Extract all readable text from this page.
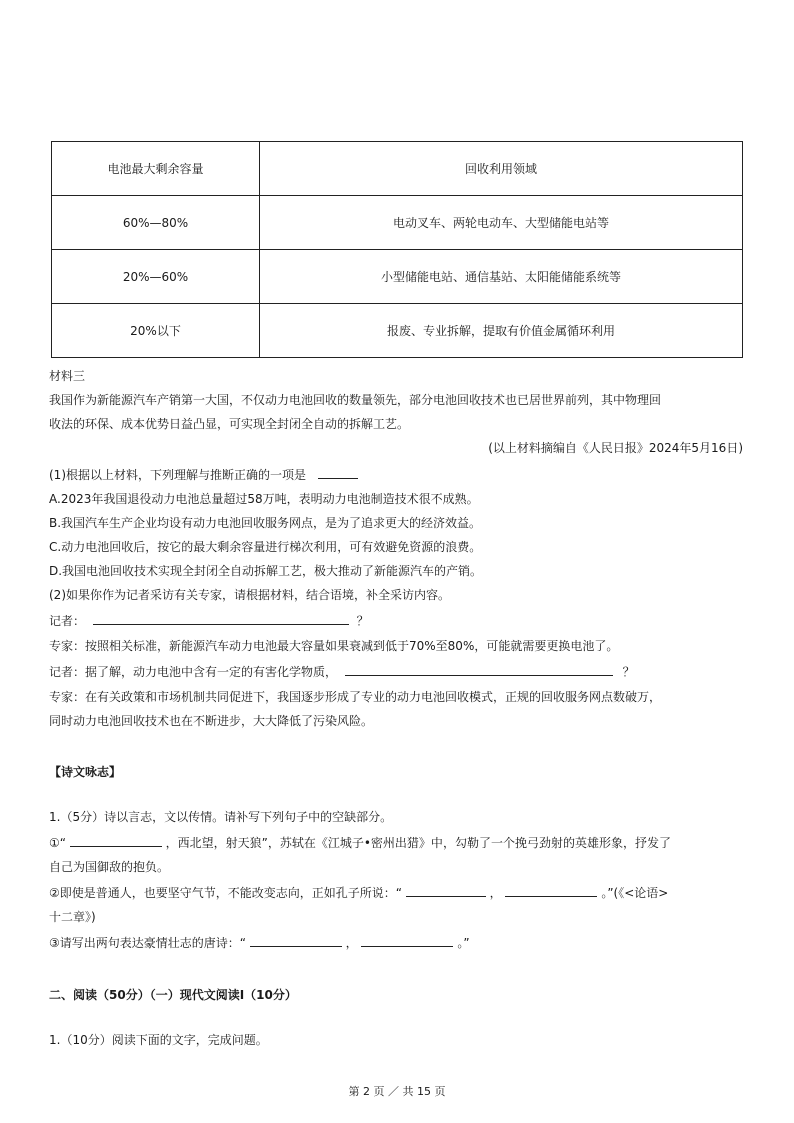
电池最大剩余容量	回收利用领域
60%—80%	电动叉车、两轮电动车、大型储能电站等
20%—60%	小型储能电站、通信基站、太阳能储能系统等
20%以下	报废、专业拆解，提取有价值金属循环利用
材料三
我国作为新能源汽车产销第一大国，不仅动力电池回收的数量领先，部分电池回收技术也已居世界前列，其中物理回
收法的环保、成本优势日益凸显，可实现全封闭全自动的拆解工艺。
(以上材料摘编自《人民日报》2024年5月16日)
(1)根据以上材料，下列理解与推断正确的一项是
A.2023年我国退役动力电池总量超过58万吨，表明动力电池制造技术很不成熟。
B.我国汽车生产企业均设有动力电池回收服务网点，是为了追求更大的经济效益。
C.动力电池回收后，按它的最大剩余容量进行梯次利用，可有效避免资源的浪费。
D.我国电池回收技术实现全封闭全自动拆解工艺，极大推动了新能源汽车的产销。
(2)如果你作为记者采访有关专家，请根据材料，结合语境，补全采访内容。
记者：	？
专家：按照相关标准，新能源汽车动力电池最大容量如果衰减到低于70%至80%，可能就需要更换电池了。
记者：据了解，动力电池中含有一定的有害化学物质，	？
专家：在有关政策和市场机制共同促进下，我国逐步形成了专业的动力电池回收模式，正规的回收服务网点数破万，
同时动力电池回收技术也在不断进步，大大降低了污染风险。
【诗文咏志】
1.（5分）诗以言志，文以传情。请补写下列句子中的空缺部分。
①“	，西北望，射天狼”，苏轼在《江城子•密州出猎》中，勾勒了一个挽弓劲射的英雄形象，抒发了
自己为国御敌的抱负。
②即使是普通人，也要坚守气节，不能改变志向，正如孔子所说：“	，	。”(《<论语>
十二章》)
③请写出两句表达豪情壮志的唐诗：“	，	。”
二、阅读（50分）（一）现代文阅读Ⅰ（10分）
1.（10分）阅读下面的文字，完成问题。
第 2 页 ／ 共 15 页
